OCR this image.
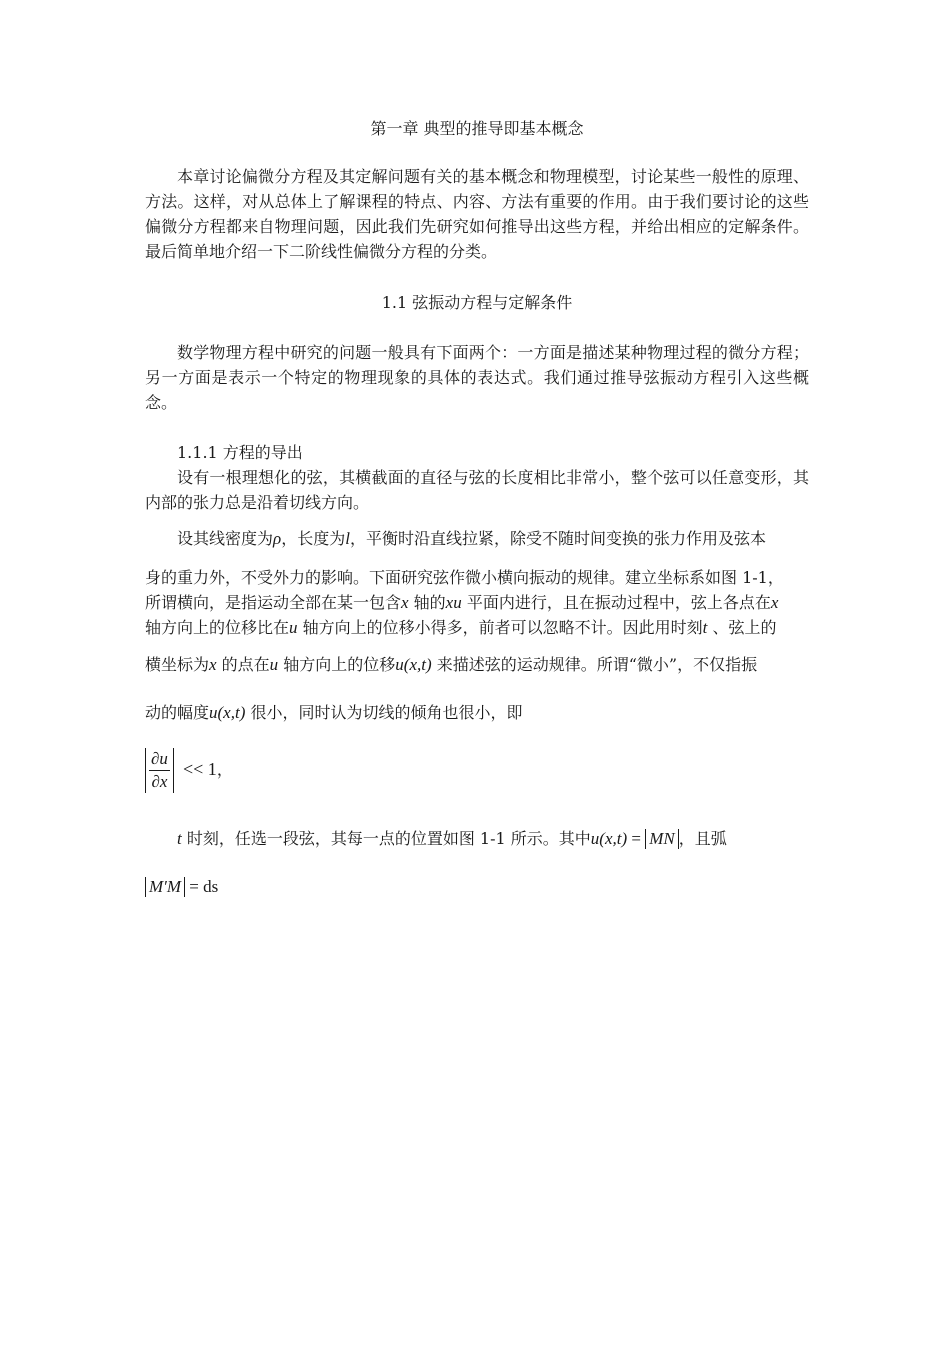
第一章 典型的推导即基本概念
本章讨论偏微分方程及其定解问题有关的基本概念和物理模型，讨论某些一般性的原理、方法。这样，对从总体上了解课程的特点、内容、方法有重要的作用。由于我们要讨论的这些偏微分方程都来自物理问题，因此我们先研究如何推导出这些方程，并给出相应的定解条件。最后简单地介绍一下二阶线性偏微分方程的分类。
1.1 弦振动方程与定解条件
数学物理方程中研究的问题一般具有下面两个：一方面是描述某种物理过程的微分方程；另一方面是表示一个特定的物理现象的具体的表达式。我们通过推导弦振动方程引入这些概念。
1.1.1 方程的导出
设有一根理想化的弦，其横截面的直径与弦的长度相比非常小，整个弦可以任意变形，其内部的张力总是沿着切线方向。
设其线密度为ρ，长度为l，平衡时沿直线拉紧，除受不随时间变换的张力作用及弦本
身的重力外，不受外力的影响。下面研究弦作微小横向振动的规律。建立坐标系如图 1-1，
所谓横向，是指运动全部在某一包含x 轴的xu 平面内进行，且在振动过程中，弦上各点在x
轴方向上的位移比在u 轴方向上的位移小得多，前者可以忽略不计。因此用时刻t 、弦上的
横坐标为x 的点在u 轴方向上的位移u(x,t) 来描述弦的运动规律。所谓“微小”，不仅指振
动的幅度u(x,t) 很小，同时认为切线的倾角也很小，即
$\frac{\partial u}{\partial x} << 1$，
t 时刻，任选一段弦，其每一点的位置如图 1-1 所示。其中u(x,t) = MN ，且弧
M′M = ds
